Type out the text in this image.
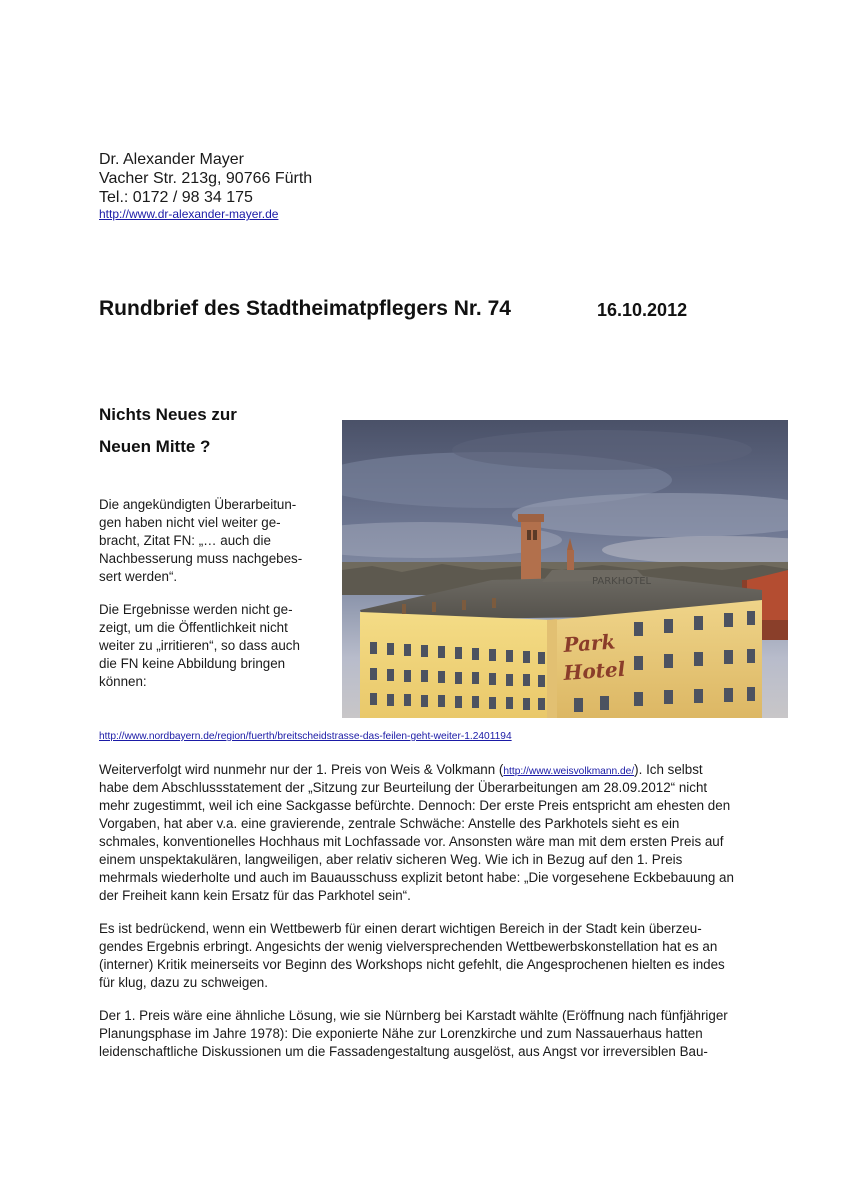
Dr. Alexander Mayer
Vacher Str. 213g, 90766 Fürth
Tel.: 0172 / 98 34 175
http://www.dr-alexander-mayer.de
Rundbrief des Stadtheimatpflegers Nr. 74	16.10.2012
Nichts Neues zur
Neuen Mitte ?
Die angekündigten Überarbeitun-
gen haben nicht viel weiter ge-
bracht, Zitat FN: „… auch die
Nachbesserung muss nachgebes-
sert werden“.
Die Ergebnisse werden nicht ge-
zeigt, um die Öffentlichkeit nicht
weiter zu „irritieren“, so dass auch
die FN keine Abbildung bringen
können:
Park
Hotel
PARKHOTEL
http://www.nordbayern.de/region/fuerth/breitscheidstrasse-das-feilen-geht-weiter-1.2401194
Weiterverfolgt wird nunmehr nur der 1. Preis von Weis & Volkmann (http://www.weisvolkmann.de/). Ich selbst
habe dem Abschlussstatement der „Sitzung zur Beurteilung der Überarbeitungen am 28.09.2012“ nicht
mehr zugestimmt, weil ich eine Sackgasse befürchte. Dennoch: Der erste Preis entspricht am ehesten den
Vorgaben, hat aber v.a. eine gravierende, zentrale Schwäche: Anstelle des Parkhotels sieht es ein
schmales, konventionelles Hochhaus mit Lochfassade vor. Ansonsten wäre man mit dem ersten Preis auf
einem unspektakulären, langweiligen, aber relativ sicheren Weg. Wie ich in Bezug auf den 1. Preis
mehrmals wiederholte und auch im Bauausschuss explizit betont habe: „Die vorgesehene Eckbebauung an
der Freiheit kann kein Ersatz für das Parkhotel sein“.
Es ist bedrückend, wenn ein Wettbewerb für einen derart wichtigen Bereich in der Stadt kein überzeu-
gendes Ergebnis erbringt. Angesichts der wenig vielversprechenden Wettbewerbskonstellation hat es an
(interner) Kritik meinerseits vor Beginn des Workshops nicht gefehlt, die Angesprochenen hielten es indes
für klug, dazu zu schweigen.
Der 1. Preis wäre eine ähnliche Lösung, wie sie Nürnberg bei Karstadt wählte (Eröffnung nach fünfjähriger
Planungsphase im Jahre 1978): Die exponierte Nähe zur Lorenzkirche und zum Nassauerhaus hatten
leidenschaftliche Diskussionen um die Fassadengestaltung ausgelöst, aus Angst vor irreversiblen Bau-
